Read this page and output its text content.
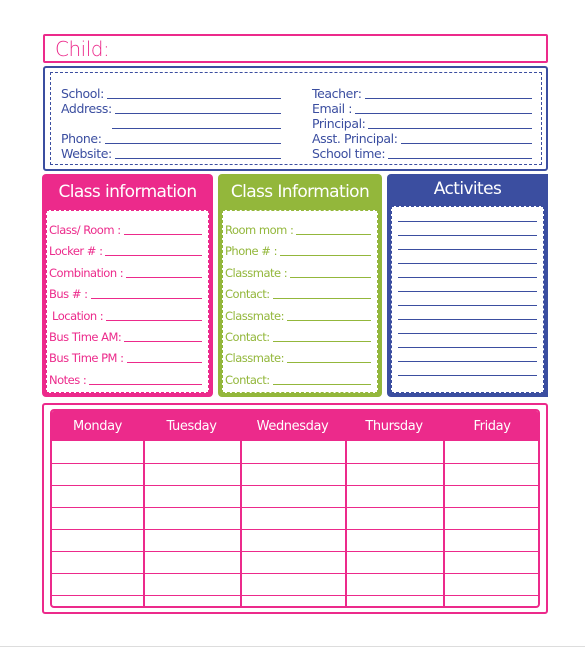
Child:
School :
Address :
Phone :
Website :
Teacher :
Email :
Principal :
Asst. Principal :
School time :
Class information
Class/ Room :
Locker # :
Combination :
Bus # :
Location :
Bus Time AM:
Bus Time PM :
Notes :
Class Information
Room mom :
Phone # :
Classmate :
Contact:
Classmate:
Contact:
Classmate:
Contact:
Activites
Monday	Tuesday	Wednesday	Thursday	Friday
